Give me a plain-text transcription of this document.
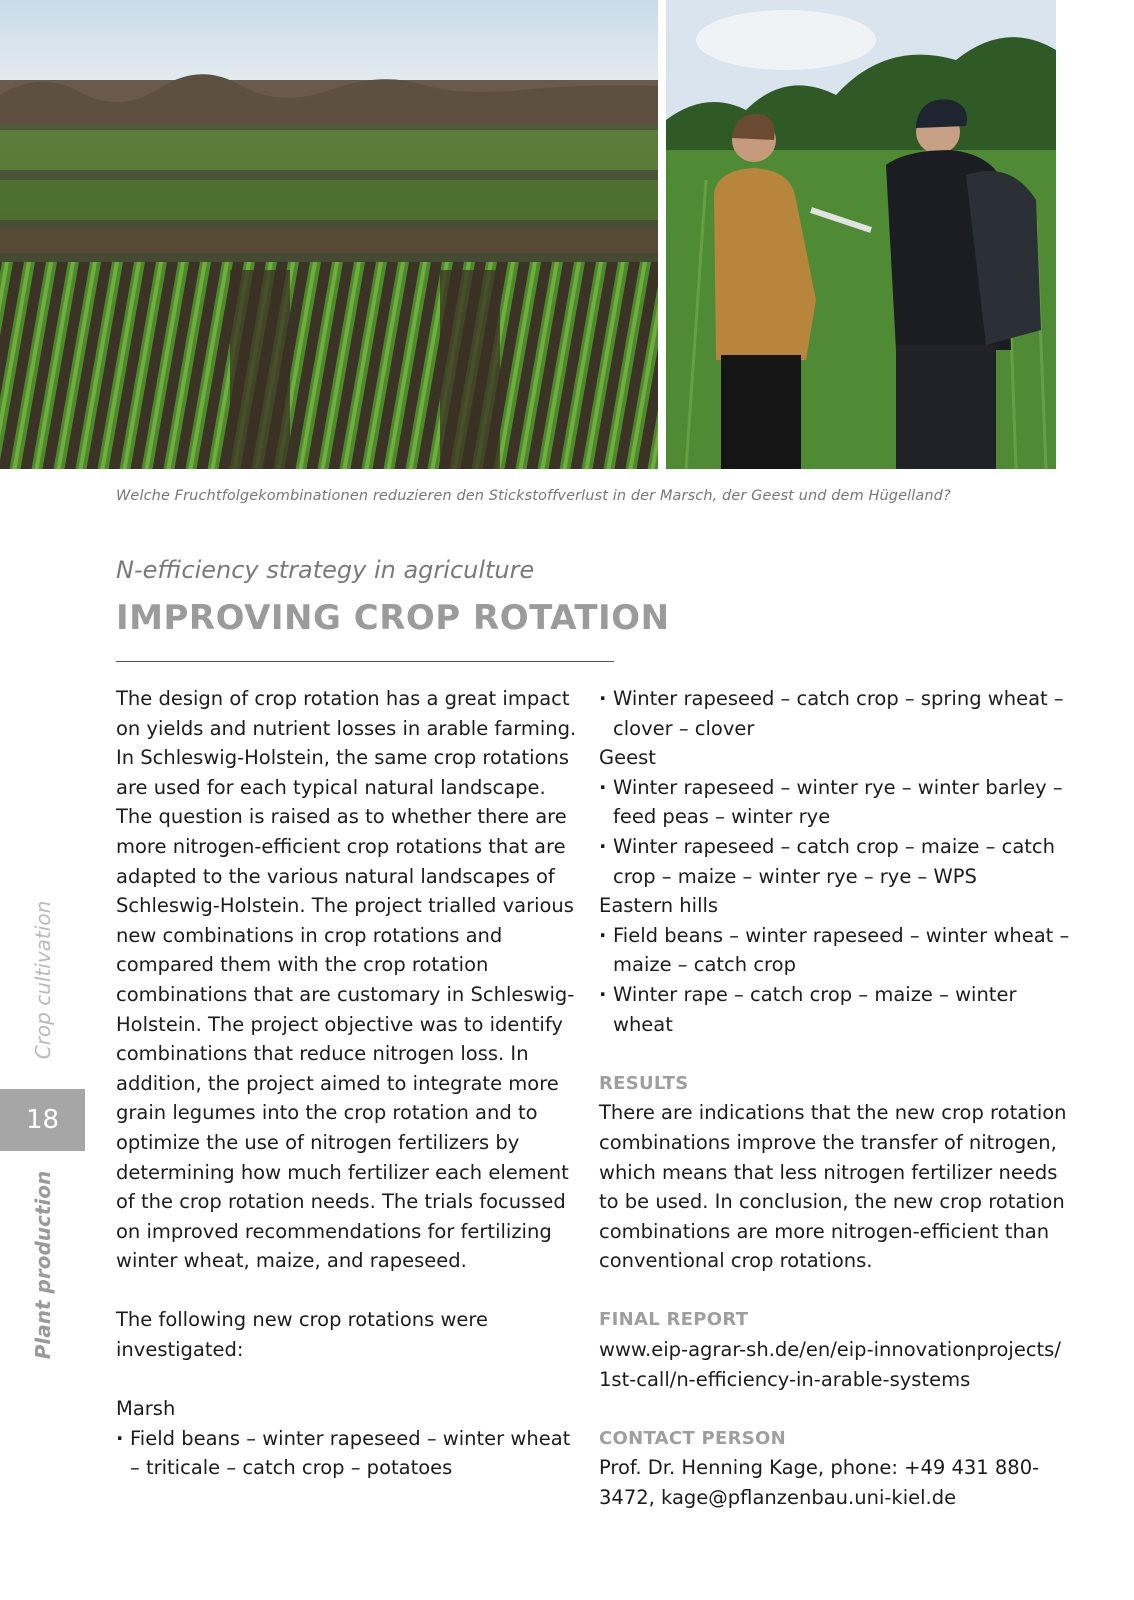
Welche Fruchtfolgekombinationen reduzieren den Stickstoffverlust in der Marsch, der Geest und dem Hügelland?
N-efficiency strategy in agriculture
IMPROVING CROP ROTATION

The design of crop rotation has a great impact on yields and nutrient losses in arable farming. In Schleswig-Holstein, the same crop rotations are used for each typical natural landscape. The question is raised as to whether there are more nitrogen-efficient crop rotations that are adapted to the various natural landscapes of Schleswig-Holstein. The project trialled various new combinations in crop rotations and compared them with the crop rotation combinations that are customary in Schleswig-Holstein. The project objective was to identify combinations that reduce nitrogen loss. In addition, the project aimed to integrate more grain legumes into the crop rotation and to optimize the use of nitrogen fertilizers by determining how much fertilizer each element of the crop rotation needs. The trials focussed on improved recommendations for fertilizing winter wheat, maize, and rapeseed.

The following new crop rotations were investigated:

Marsh

· Field beans – winter rapeseed – winter wheat – triticale – catch crop – potatoes

· Winter rapeseed – catch crop – spring wheat – clover – clover

Geest

· Winter rapeseed – winter rye – winter barley – feed peas – winter rye

· Winter rapeseed – catch crop – maize – catch crop – maize – winter rye – rye – WPS

Eastern hills

· Field beans – winter rapeseed – winter wheat – maize – catch crop

· Winter rape – catch crop – maize – winter wheat

RESULTS

There are indications that the new crop rotation combinations improve the transfer of nitrogen, which means that less nitrogen fertilizer needs to be used. In conclusion, the new crop rotation combinations are more nitrogen-efficient than conventional crop rotations.

FINAL REPORT

www.eip-agrar-sh.de/en/eip-innovationprojects/
1st-call/n-efficiency-in-arable-systems

CONTACT PERSON

Prof. Dr. Henning Kage, phone: +49 431 880-3472, kage@pflanzenbau.uni-kiel.de

Crop cultivation
18
Plant production
